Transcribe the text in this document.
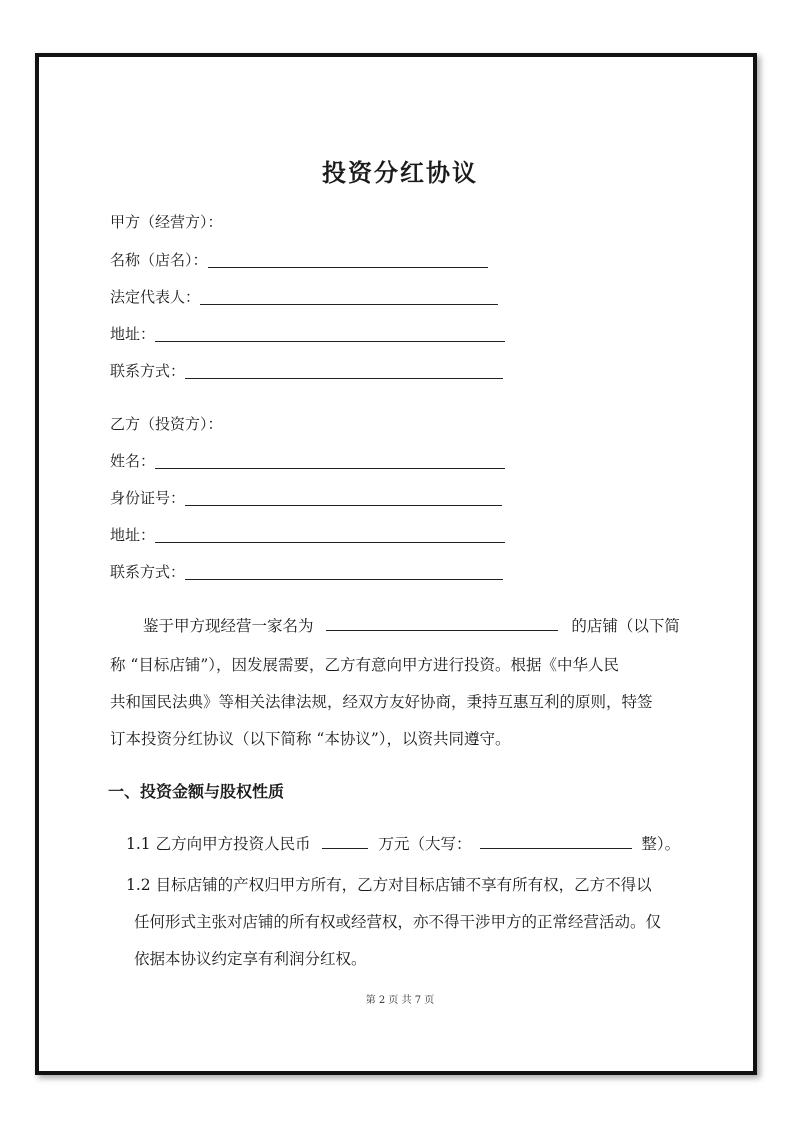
投资分红协议
甲方（经营方）：
名称（店名）：
法定代表人：
地址：
联系方式：
乙方（投资方）：
姓名：
身份证号：
地址：
联系方式：
鉴于甲方现经营一家名为	的店铺（以下简
称 “目标店铺”），因发展需要，乙方有意向甲方进行投资。根据《中华人民
共和国民法典》等相关法律法规，经双方友好协商，秉持互惠互利的原则，特签
订本投资分红协议（以下简称 “本协议”），以资共同遵守。
一、投资金额与股权性质
1.1 乙方向甲方投资人民币	万元（大写：	整）。
1.2 目标店铺的产权归甲方所有，乙方对目标店铺不享有所有权，乙方不得以
任何形式主张对店铺的所有权或经营权，亦不得干涉甲方的正常经营活动。仅
依据本协议约定享有利润分红权。
第 2 页 共 7 页
